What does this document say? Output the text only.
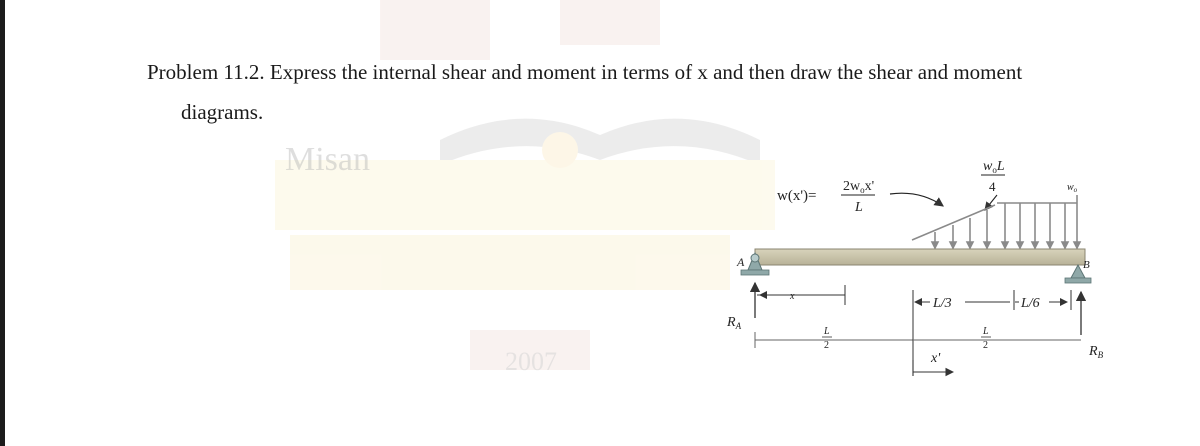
Misan
2007
Problem 11.2. Express the internal shear and moment in terms of x and then draw the shear and moment
diagrams.
w(x')=
$2w_ox'$
L
$w_oL$
4	$w_o$
A	B
$R_A$
$R_B$
x
L
2
L/3	L/6
L
2
x'
